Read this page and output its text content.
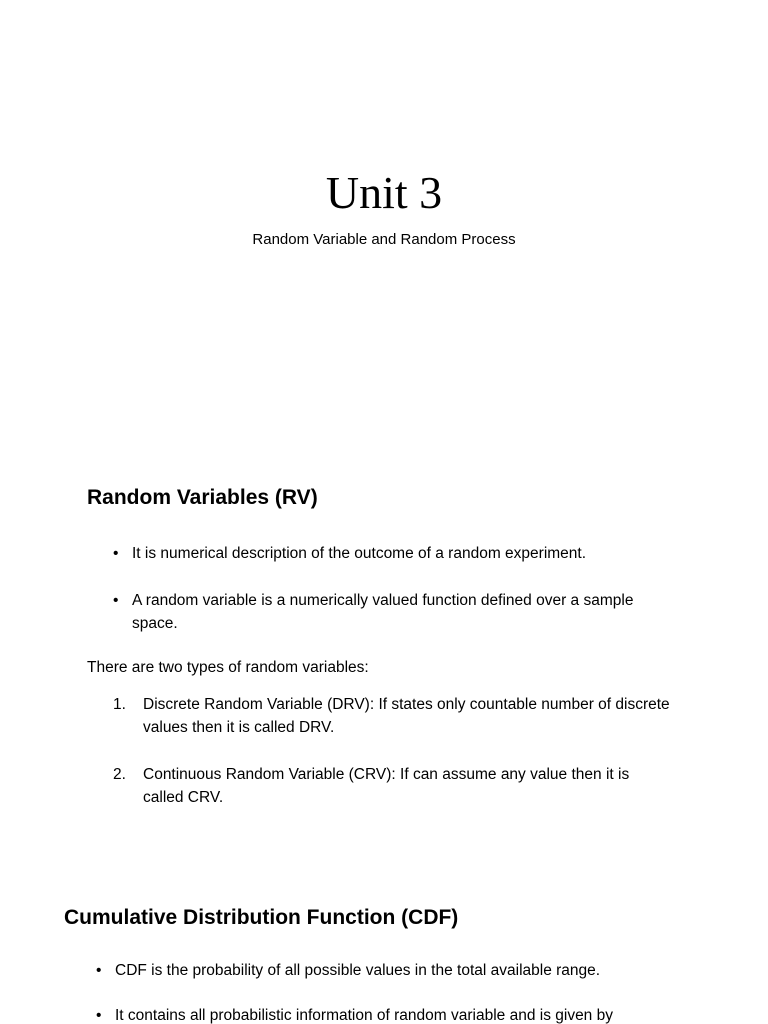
Unit 3

Random Variable and Random Process

Random Variables (RV)
• It is numerical description of the outcome of a random experiment.
• A random variable is a numerically valued function defined over a sample space.

There are two types of random variables:

1. Discrete Random Variable (DRV): If states only countable number of discrete values then it is called DRV.
2. Continuous Random Variable (CRV): If can assume any value then it is called CRV.
Cumulative Distribution Function (CDF)
• CDF is the probability of all possible values in the total available range.
• It contains all probabilistic information of random variable and is given by
